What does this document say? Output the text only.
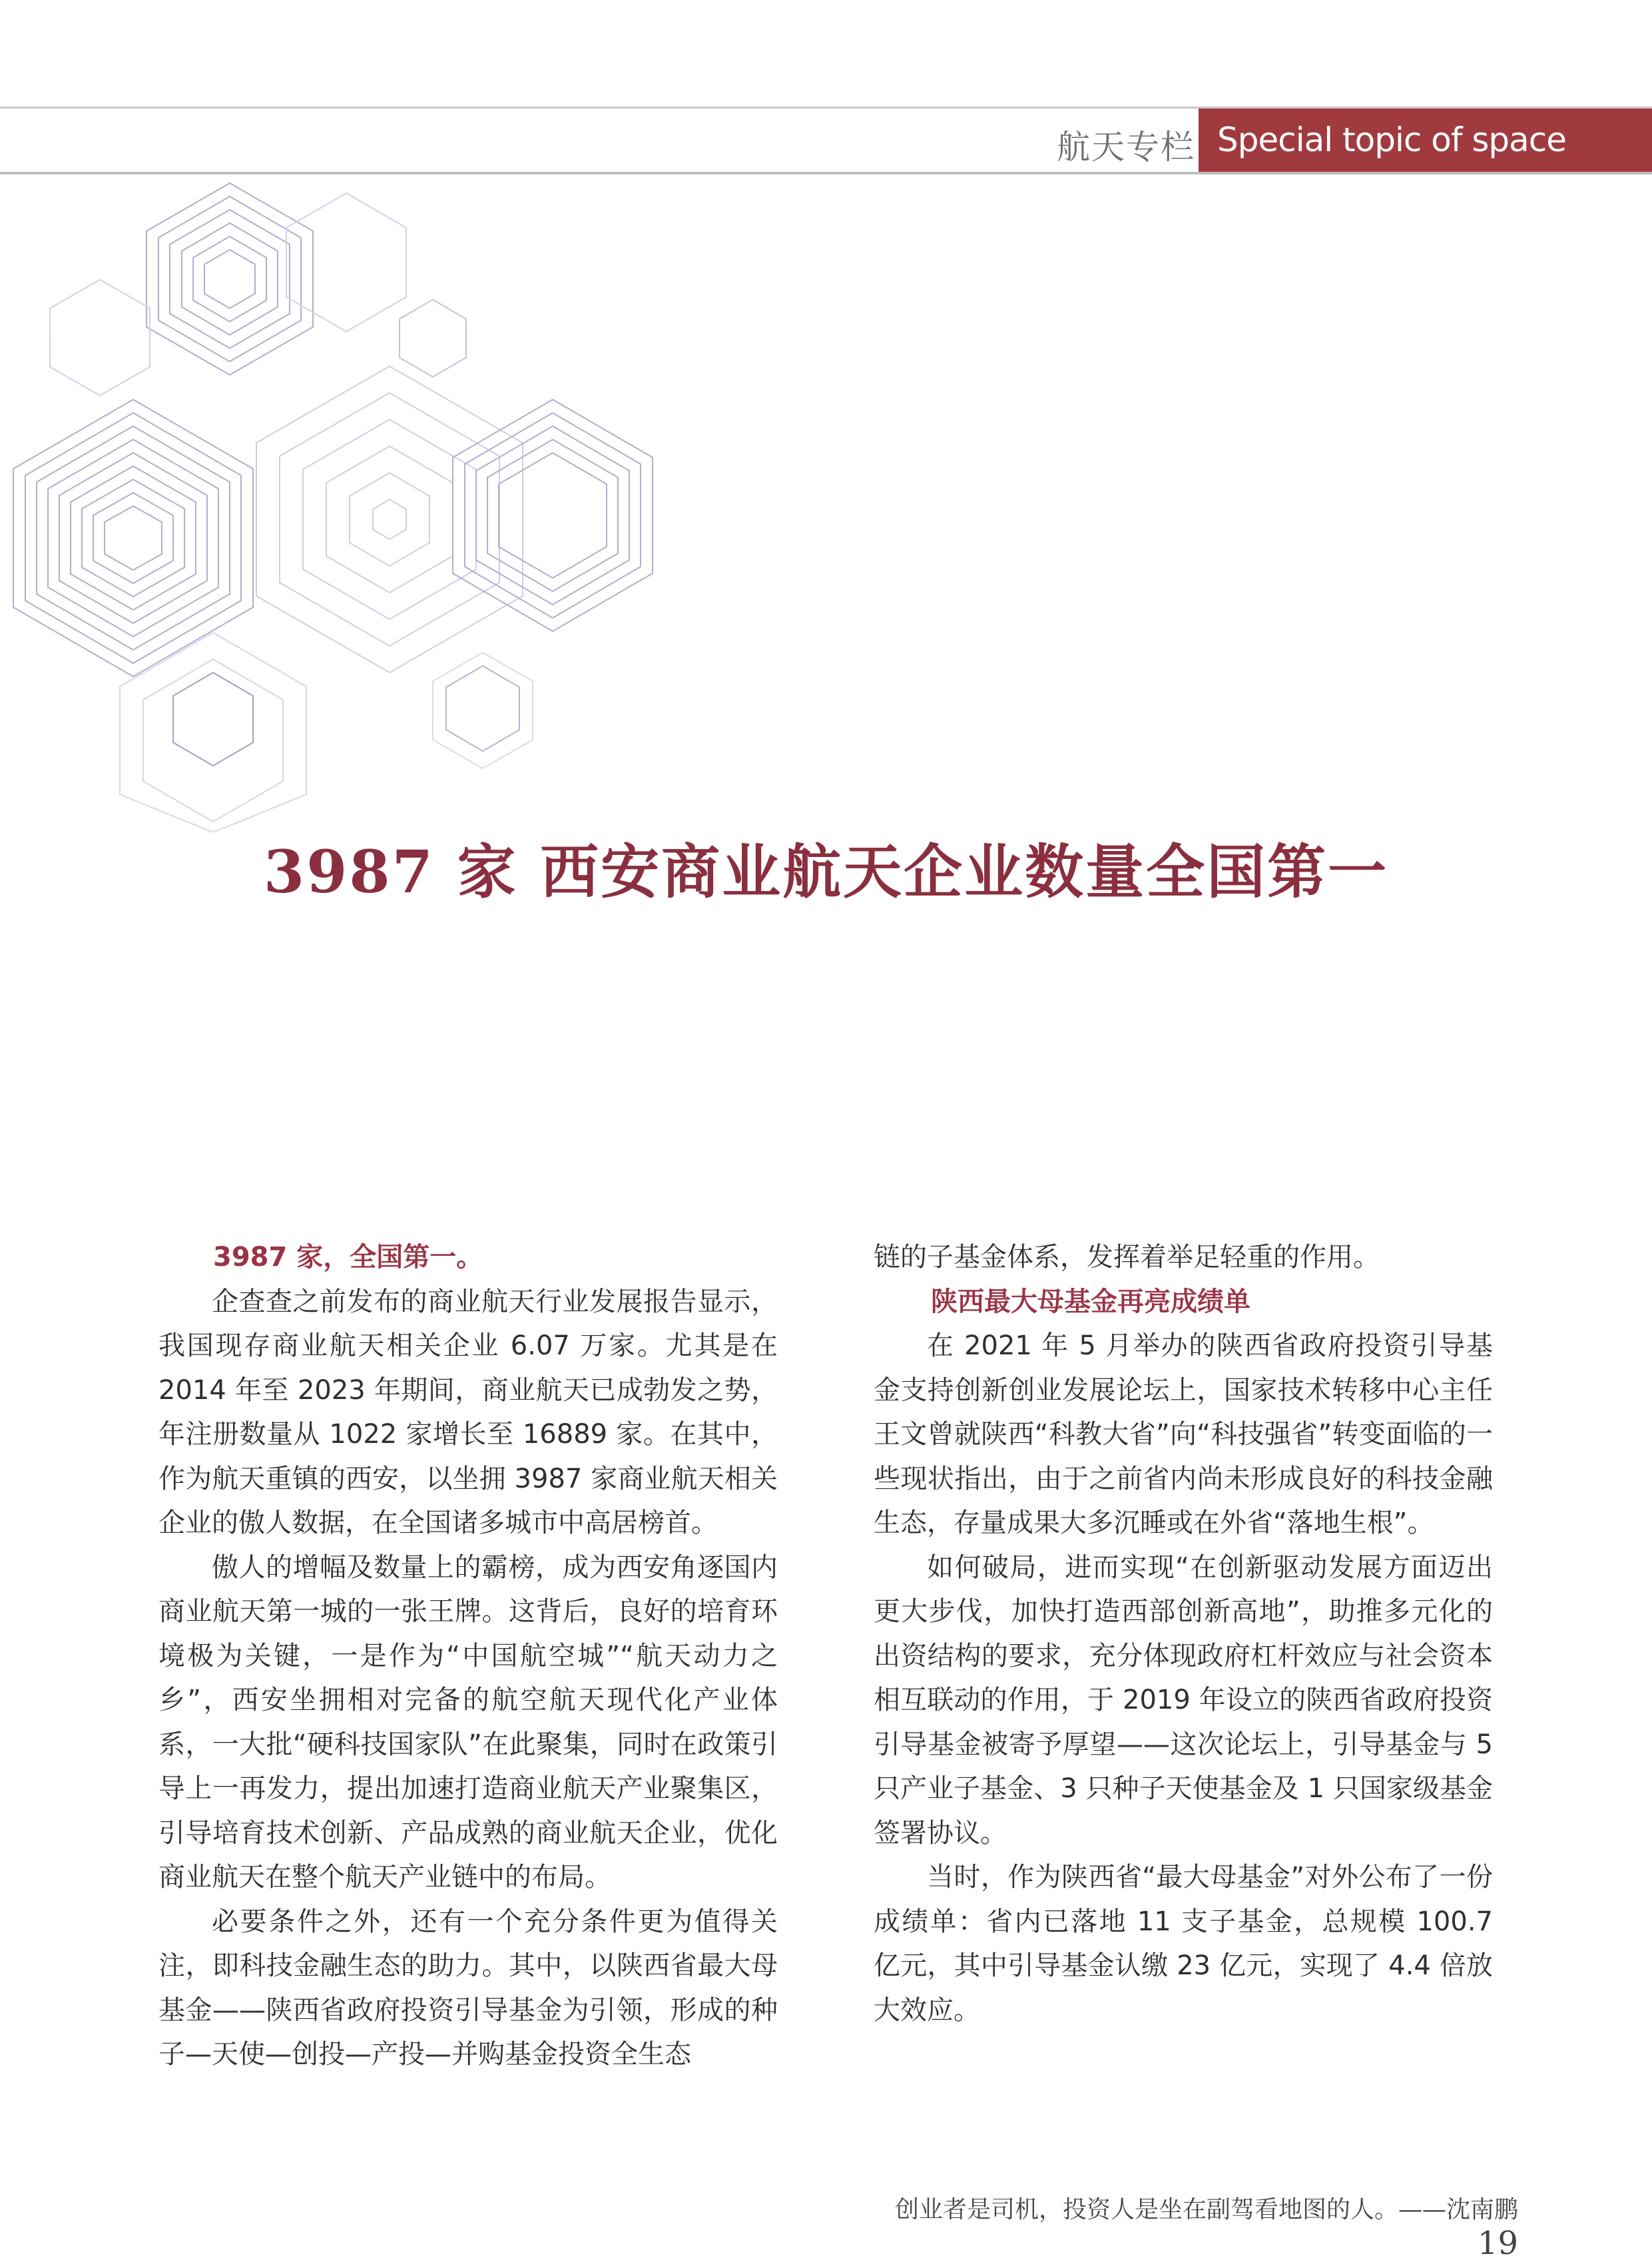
航天专栏 Special topic of space flight
3987 家 西安商业航天企业数量全国第一
3987 家，全国第一。

企查查之前发布的商业航天行业发展报告显示，我国现存商业航天相关企业 6.07 万家。尤其是在 2014 年至 2023 年期间，商业航天已成勃发之势，年注册数量从 1022 家增长至 16889 家。在其中，作为航天重镇的西安，以坐拥 3987 家商业航天相关企业的傲人数据，在全国诸多城市中高居榜首。

傲人的增幅及数量上的霸榜，成为西安角逐国内商业航天第一城的一张王牌。这背后，良好的培育环境极为关键，一是作为“中国航空城”“航天动力之乡”，西安坐拥相对完备的航空航天现代化产业体系，一大批“硬科技国家队”在此聚集，同时在政策引导上一再发力，提出加速打造商业航天产业聚集区，引导培育技术创新、产品成熟的商业航天企业，优化商业航天在整个航天产业链中的布局。

必要条件之外，还有一个充分条件更为值得关注，即科技金融生态的助力。其中，以陕西省最大母基金——陕西省政府投资引导基金为引领，形成的种子—天使—创投—产投—并购基金投资全生态

链的子基金体系，发挥着举足轻重的作用。

陕西最大母基金再亮成绩单

在 2021 年 5 月举办的陕西省政府投资引导基金支持创新创业发展论坛上，国家技术转移中心主任王文曾就陕西“科教大省”向“科技强省”转变面临的一些现状指出，由于之前省内尚未形成良好的科技金融生态，存量成果大多沉睡或在外省“落地生根”。

如何破局，进而实现“在创新驱动发展方面迈出更大步伐，加快打造西部创新高地”，助推多元化的出资结构的要求，充分体现政府杠杆效应与社会资本相互联动的作用，于 2019 年设立的陕西省政府投资引导基金被寄予厚望——这次论坛上，引导基金与 5 只产业子基金、3 只种子天使基金及 1 只国家级基金签署协议。

当时，作为陕西省“最大母基金”对外公布了一份成绩单：省内已落地 11 支子基金，总规模 100.7 亿元，其中引导基金认缴 23 亿元，实现了 4.4 倍放大效应。

创业者是司机，投资人是坐在副驾看地图的人。——沈南鹏 19
